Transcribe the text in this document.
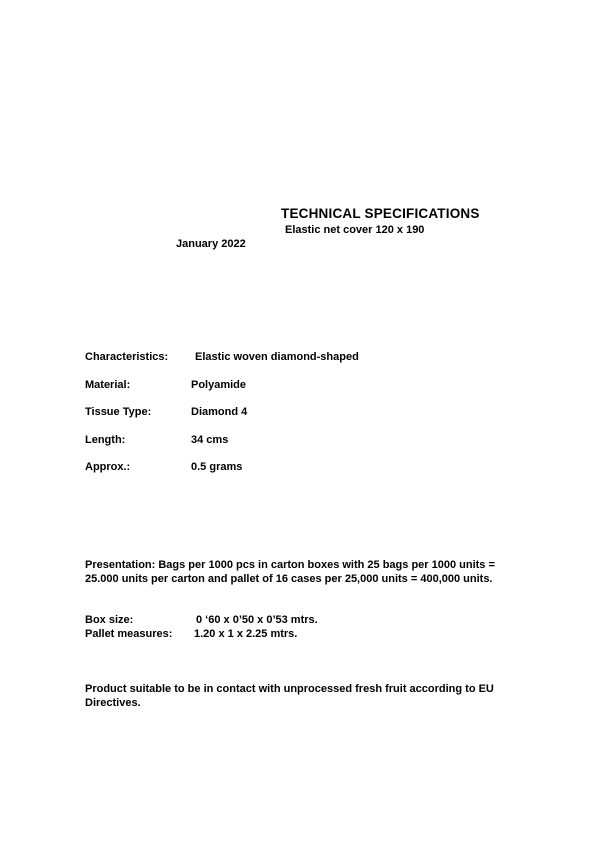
TECHNICAL SPECIFICATIONS
Elastic net cover 120 x 190
January 2022
Characteristics: Elastic woven diamond-shaped
Material:	Polyamide
Tissue Type:	Diamond 4
Length:	34 cms
Approx.:	0.5 grams
Presentation: Bags per 1000 pcs in carton boxes with 25 bags per 1000 units =
25.000 units per carton and pallet of 16 cases per 25,000 units = 400,000 units.
Box size:	0 ‘60 x 0’50 x 0’53 mtrs.
Pallet measures: 1.20 x 1 x 2.25 mtrs.
Product suitable to be in contact with unprocessed fresh fruit according to EU
Directives.
